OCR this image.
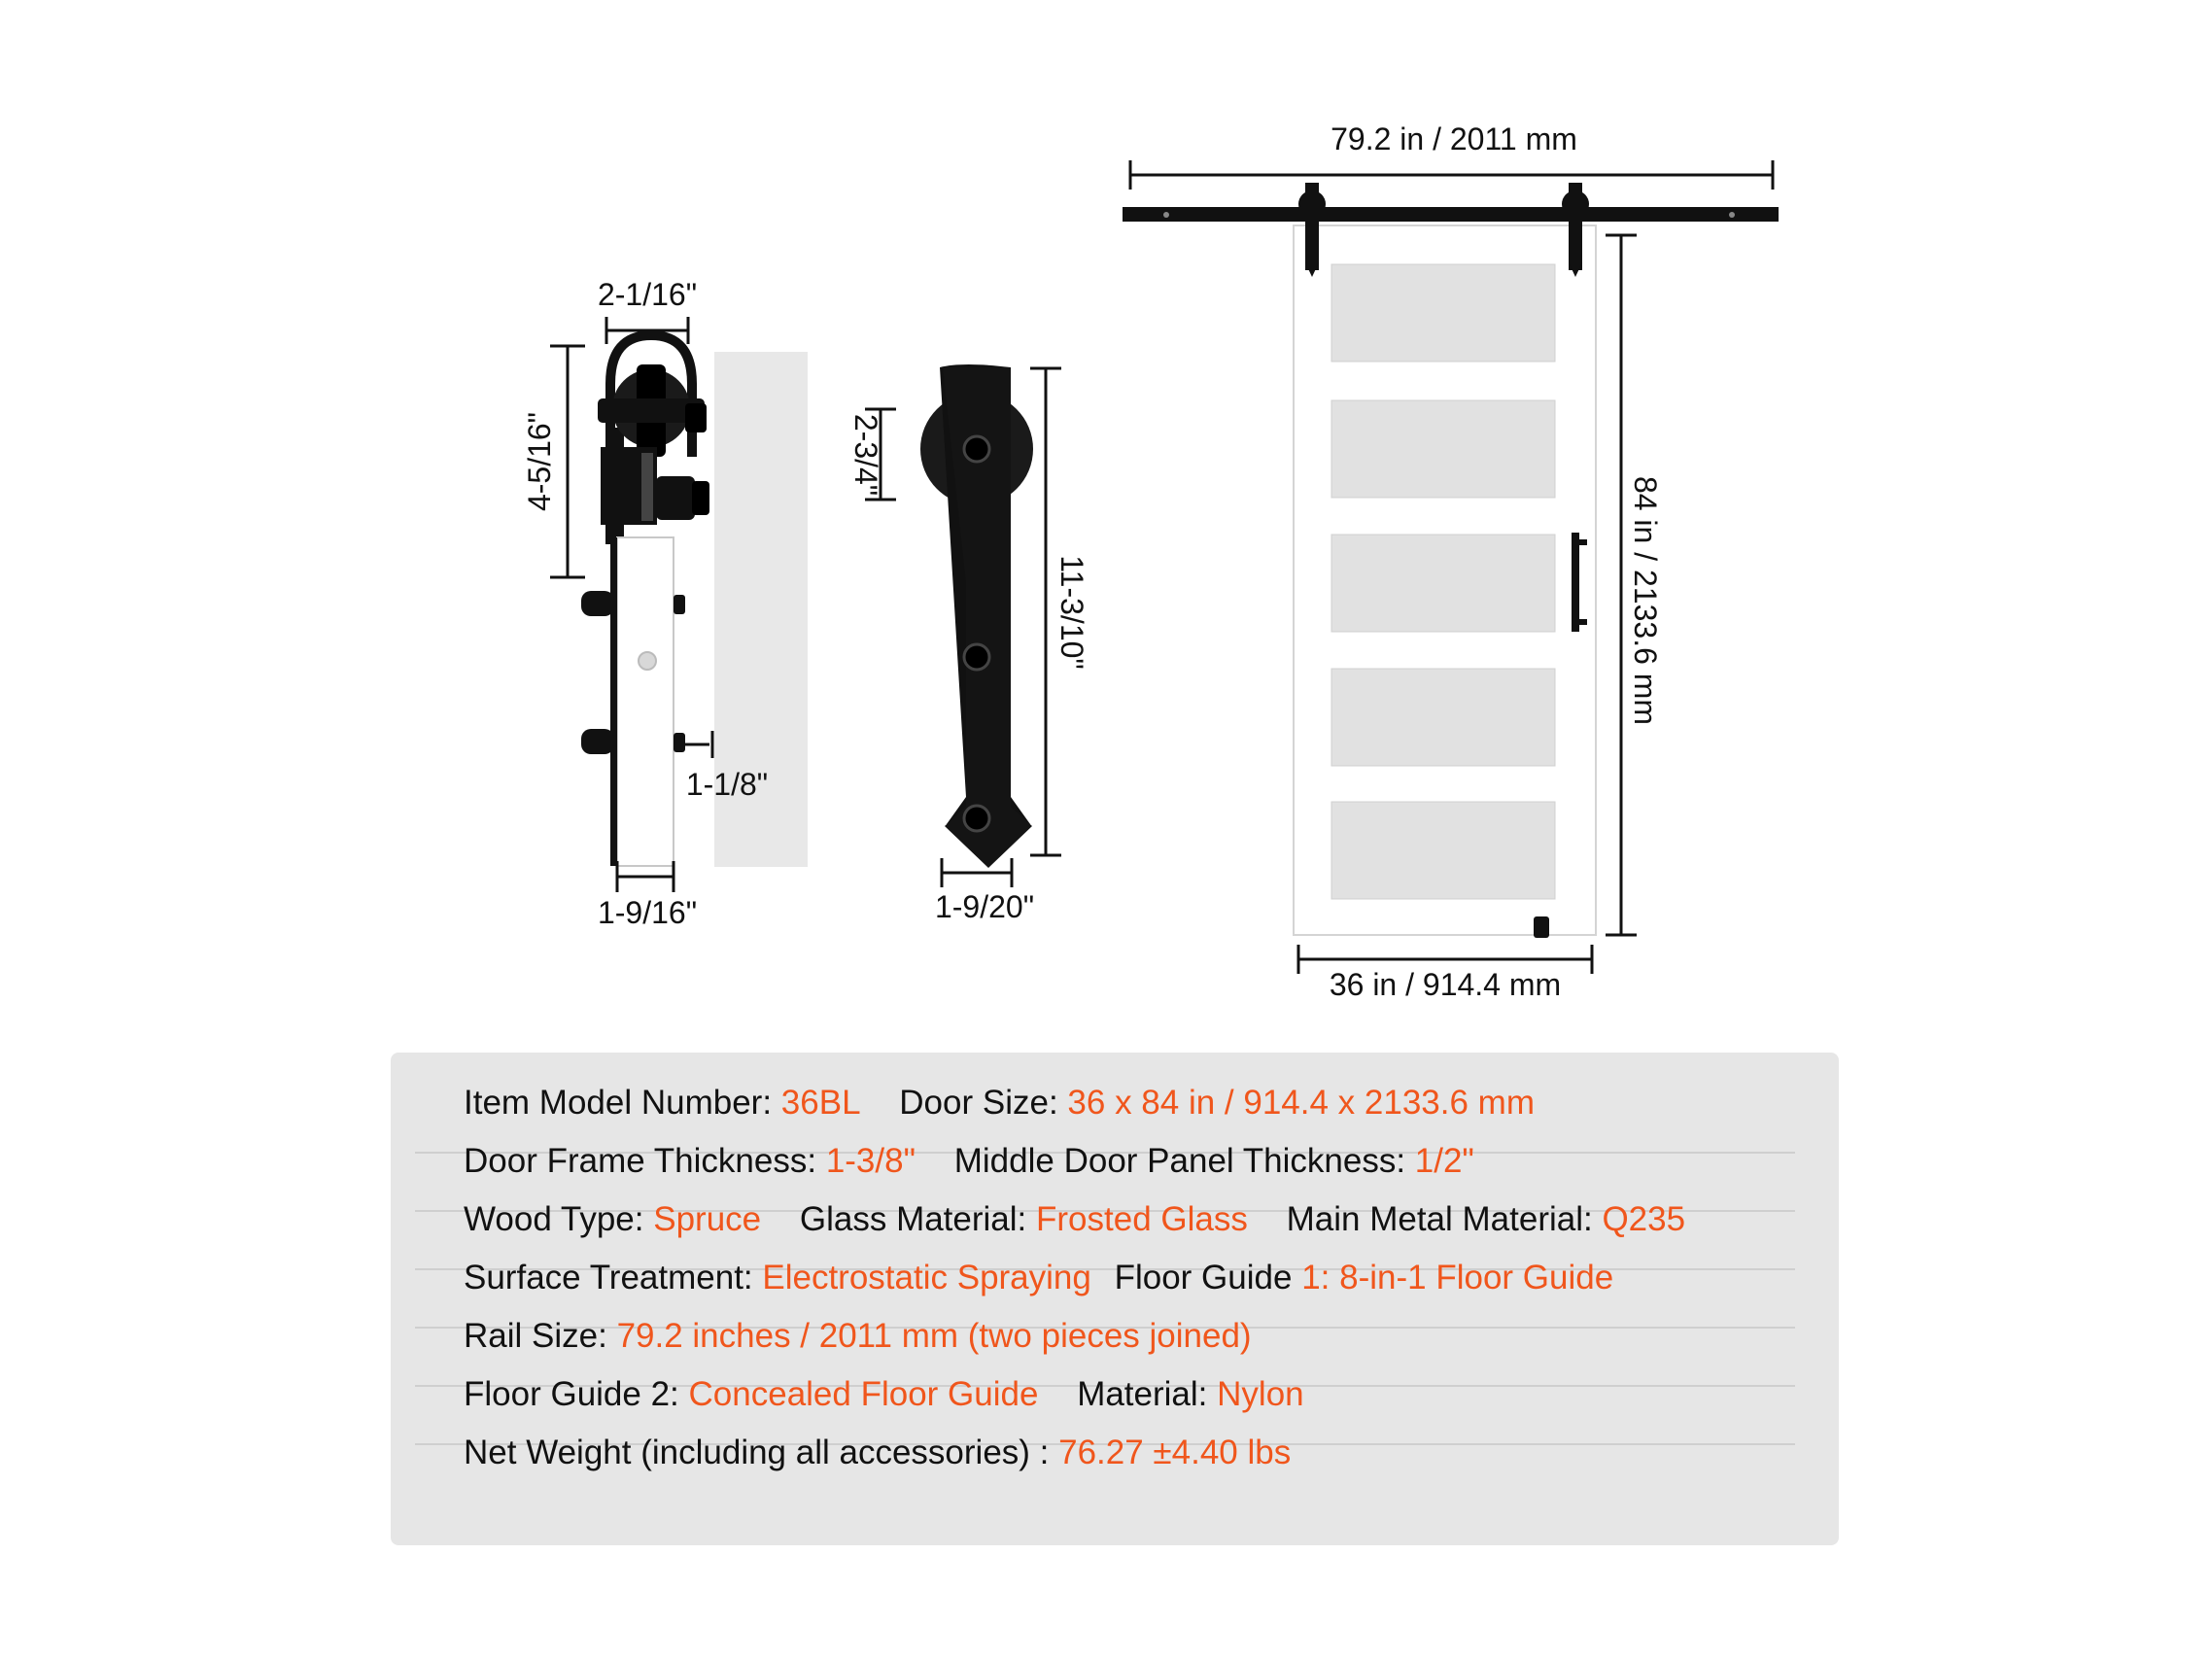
2-1/16"
4-5/16"
1-1/8"
1-9/16"
2-3/4"
11-3/10"
1-9/20"
79.2 in / 2011 mm
84 in / 2133.6 mm
36 in / 914.4 mm
Item Model Number: 36BL Door Size: 36 x 84 in / 914.4 x 2133.6 mm
Door Frame Thickness: 1-3/8" Middle Door Panel Thickness: 1/2"
Wood Type: Spruce Glass Material: Frosted Glass Main Metal Material: Q235
Surface Treatment: Electrostatic Spraying Floor Guide 1: 8-in-1 Floor Guide
Rail Size: 79.2 inches / 2011 mm (two pieces joined)
Floor Guide 2: Concealed Floor Guide Material: Nylon
Net Weight (including all accessories) : 76.27 ±4.40 lbs
